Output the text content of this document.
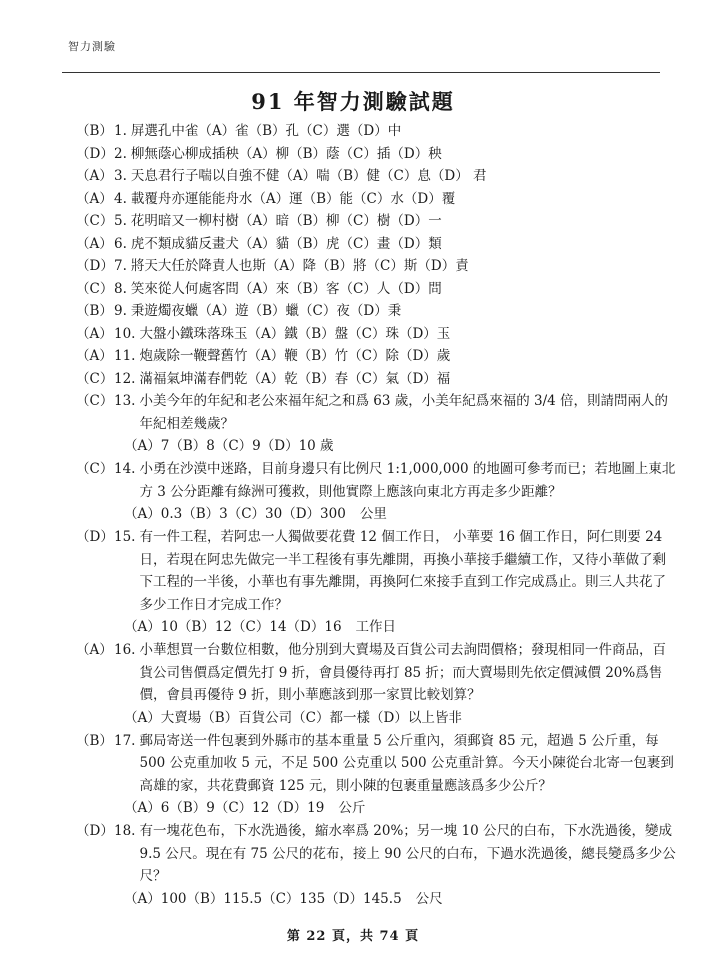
智力測驗
91 年智力測驗試題
（B） 1. 屏選孔中雀（A）雀（B）孔（C）選（D）中
（D） 2. 柳無蔭心柳成插秧（A）柳（B）蔭（C）插（D）秧
（A） 3. 天息君行子喘以自強不健（A）喘（B）健（C）息（D） 君
（A） 4. 載覆舟亦運能能舟水（A）運（B）能（C）水（D）覆
（C） 5. 花明暗又一柳村樹（A）暗（B）柳（C）樹（D）一
（A） 6. 虎不類成貓反畫犬（A）貓（B）虎（C）畫（D）類
（D） 7. 將天大任於降責人也斯（A）降（B）將（C）斯（D）責
（C） 8. 笑來從人何處客問（A）來（B）客（C）人（D）問
（B） 9. 秉遊燭夜蠟（A）遊（B）蠟（C）夜（D）秉
（A） 10. 大盤小鐵珠落珠玉（A）鐵（B）盤（C）珠（D）玉
（A） 11. 炮歲除一鞭聲舊竹（A）鞭（B）竹（C）除（D）歲
（C） 12. 滿福氣坤滿春們乾（A）乾（B）春（C）氣（D）福
（C） 13. 小美今年的年紀和老公來福年紀之和爲 63 歲，小美年紀爲來福的 3/4 倍，則請問兩人的年紀相差幾歲？
（A）7（B）8（C）9（D）10 歲
（C） 14. 小勇在沙漠中迷路，目前身邊只有比例尺 1:1,000,000 的地圖可參考而已；若地圖上東北方 3 公分距離有綠洲可獲救，則他實際上應該向東北方再走多少距離？
（A）0.3（B）3（C）30（D）300 公里
（D） 15. 有一件工程，若阿忠一人獨做要花費 12 個工作日， 小華要 16 個工作日，阿仁則要 24 日，若現在阿忠先做完一半工程後有事先離開，再換小華接手繼續工作，又待小華做了剩下工程的一半後，小華也有事先離開，再換阿仁來接手直到工作完成爲止。則三人共花了多少工作日才完成工作？
（A）10（B）12（C）14（D）16 工作日
（A） 16. 小華想買一台數位相數，他分別到大賣場及百貨公司去詢問價格；發現相同一件商品，百貨公司售價爲定價先打 9 折，會員優待再打 85 折；而大賣場則先依定價減價 20%爲售價，會員再優待 9 折，則小華應該到那一家買比較划算？
（A）大賣場（B）百貨公司（C）都一樣（D）以上皆非
（B） 17. 郵局寄送一件包裹到外縣市的基本重量 5 公斤重內，須郵資 85 元，超過 5 公斤重，每 500 公克重加收 5 元，不足 500 公克重以 500 公克重計算。今天小陳從台北寄一包裹到高雄的家，共花費郵資 125 元，則小陳的包裹重量應該爲多少公斤？
（A）6（B）9（C）12（D）19 公斤
（D） 18. 有一塊花色布，下水洗過後，縮水率爲 20%；另一塊 10 公尺的白布，下水洗過後，變成 9.5 公尺。現在有 75 公尺的花布，接上 90 公尺的白布，下過水洗過後，總長變爲多少公尺？
（A）100（B）115.5（C）135（D）145.5 公尺
第 22 頁，共 74 頁
